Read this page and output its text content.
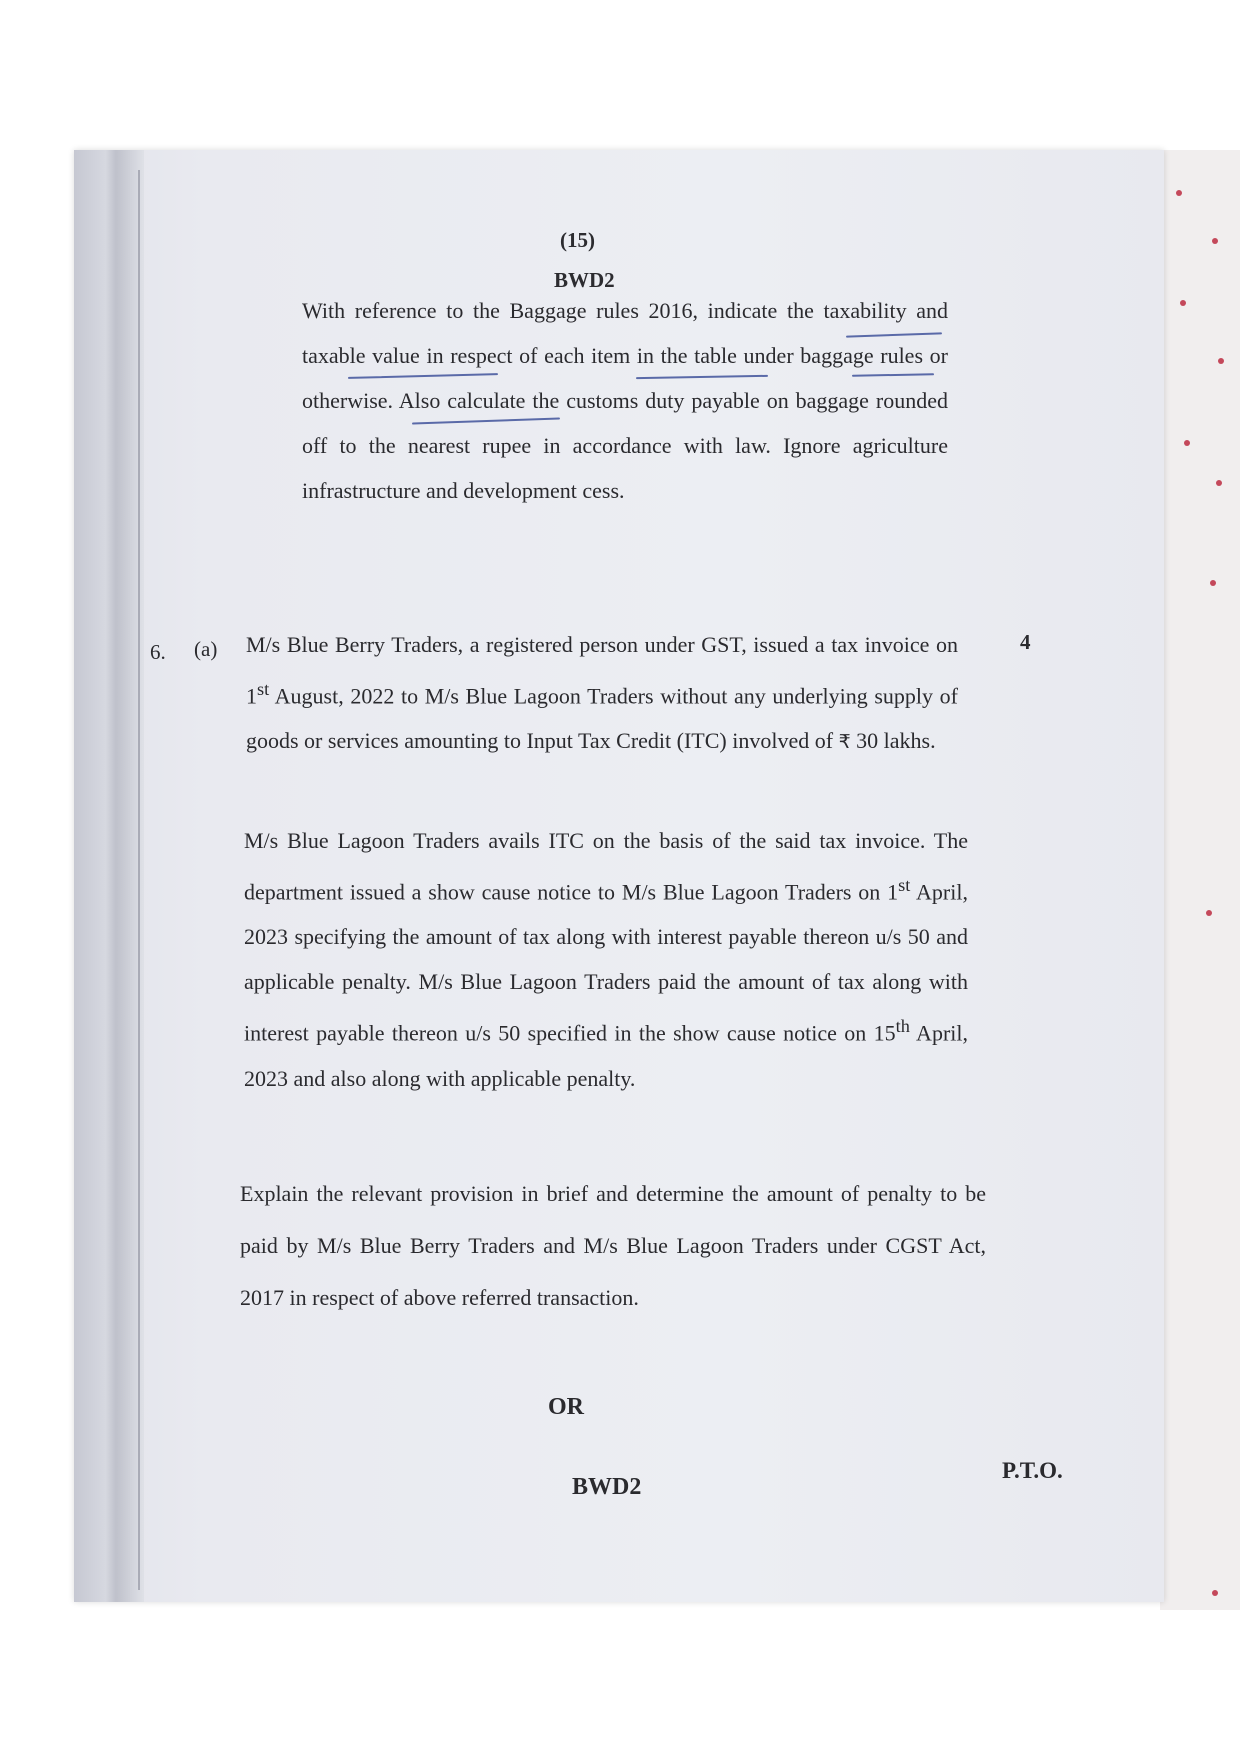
(15)
BWD2

With reference to the Baggage rules 2016, indicate the taxability and taxable value in respect of each item in the table under baggage rules or otherwise. Also calculate the customs duty payable on baggage rounded off to the nearest rupee in accordance with law. Ignore agriculture infrastructure and development cess.

6. (a)	4

M/s Blue Berry Traders, a registered person under GST, issued a tax invoice on 1st August, 2022 to M/s Blue Lagoon Traders without any underlying supply of goods or services amounting to Input Tax Credit (ITC) involved of ₹ 30 lakhs.

M/s Blue Lagoon Traders avails ITC on the basis of the said tax invoice. The department issued a show cause notice to M/s Blue Lagoon Traders on 1st April, 2023 specifying the amount of tax along with interest payable thereon u/s 50 and applicable penalty. M/s Blue Lagoon Traders paid the amount of tax along with interest payable thereon u/s 50 specified in the show cause notice on 15th April, 2023 and also along with applicable penalty.

Explain the relevant provision in brief and determine the amount of penalty to be paid by M/s Blue Berry Traders and M/s Blue Lagoon Traders under CGST Act, 2017 in respect of above referred transaction.

OR
BWD2
P.T.O.
